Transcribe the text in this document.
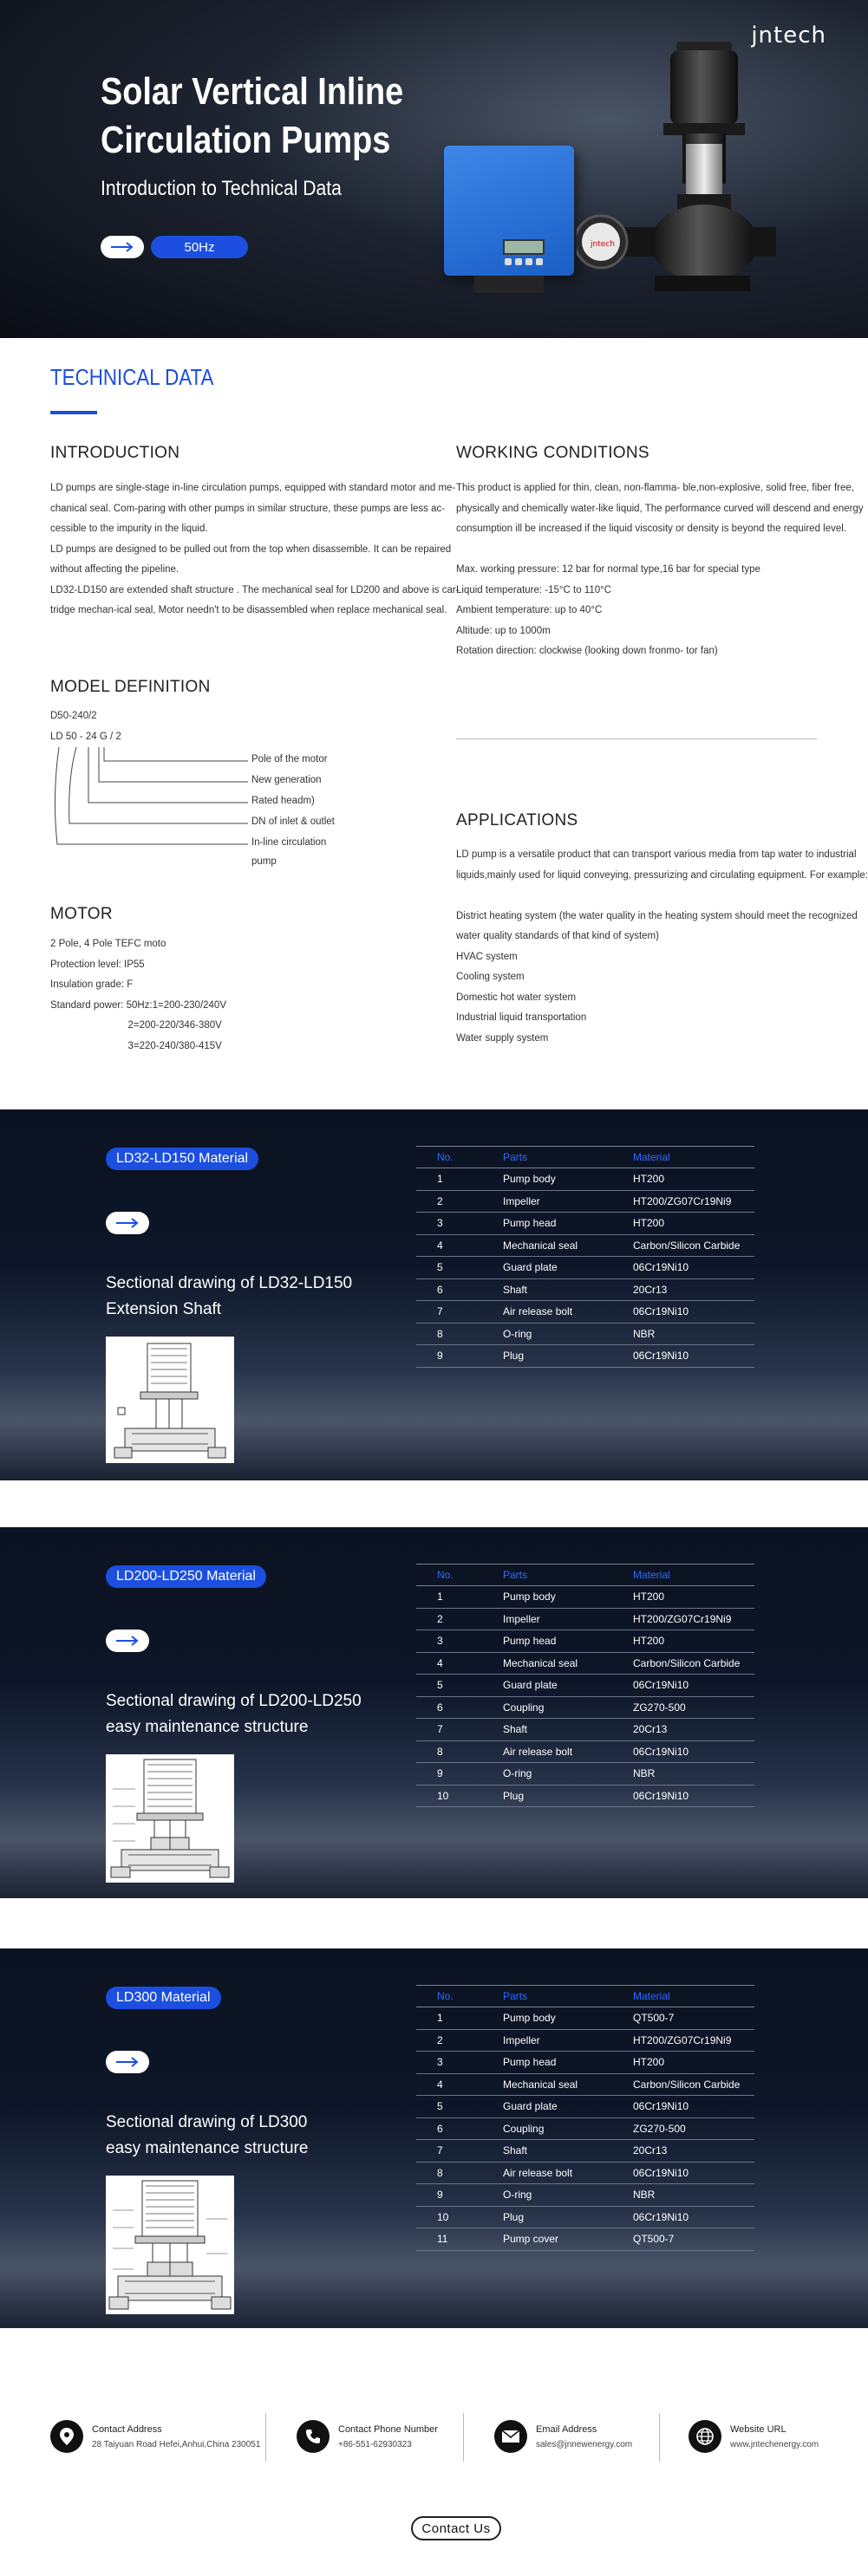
jntech
Solar Vertical Inline
Circulation Pumps
Introduction to Technical Data
50Hz	jntech
TECHNICAL DATA
INTRODUCTION
LD pumps are single-stage in-line circulation pumps, equipped with standard motor and me-
chanical seal. Com-paring with other pumps in similar structure, these pumps are less ac-
cessible to the impurity in the liquid.
LD pumps are designed to be pulled out from the top when disassemble. It can be repaired
without affecting the pipeline.
LD32-LD150 are extended shaft structure . The mechanical seal for LD200 and above is car-
tridge mechan-ical seal, Motor needn't to be disassembled when replace mechanical seal.
WORKING CONDITIONS
This product is applied for thin, clean, non-flamma- ble,non-explosive, solid free, fiber free,
physically and chemically water-like liquid, The performance curved will descend and energy
consumption ill be increased if the liquid viscosity or density is beyond the required level.
Max. working pressure: 12 bar for normal type,16 bar for special type
Liquid temperature: -15°C to 110°C
Ambient temperature: up to 40°C
Altitude: up to 1000m
Rotation direction: clockwise (looking down fronmo- tor fan)
MODEL DEFINITION
D50-240/2
LD 50 - 24 G / 2
Pole of the motor
New generation
Rated headm)
DN of inlet & outlet
In-line circulation
pump
APPLICATIONS
LD pump is a versatile product that can transport various media from tap water to industrial
liquids,mainly used for liquid conveying, pressurizing and circulating equipment. For example:
District heating system (the water quality in the heating system should meet the recognized
water quality standards of that kind of system)
HVAC system
Cooling system
Domestic hot water system
Industrial liquid transportation
Water supply system
MOTOR
2 Pole, 4 Pole TEFC moto
Protection level: IP55
Insulation grade: F
Standard power: 50Hz:1=200-230/240V
2=200-220/346-380V
3=220-240/380-415V
LD32-LD150 Material
Sectional drawing of LD32-LD150
Extension Shaft
No.	Parts	Material
1	Pump body	HT200
2	Impeller	HT200/ZG07Cr19Ni9
3	Pump head	HT200
4	Mechanical seal	Carbon/Silicon Carbide
5	Guard plate	06Cr19Ni10
6	Shaft	20Cr13
7	Air release bolt	06Cr19Ni10
8	O-ring	NBR
9	Plug	06Cr19Ni10
LD200-LD250 Material
Sectional drawing of LD200-LD250
easy maintenance structure
No.	Parts	Material
1	Pump body	HT200
2	Impeller	HT200/ZG07Cr19Ni9
3	Pump head	HT200
4	Mechanical seal	Carbon/Silicon Carbide
5	Guard plate	06Cr19Ni10
6	Coupling	ZG270-500
7	Shaft	20Cr13
8	Air release bolt	06Cr19Ni10
9	O-ring	NBR
10	Plug	06Cr19Ni10
LD300 Material
Sectional drawing of LD300
easy maintenance structure
No.	Parts	Material
1	Pump body	QT500-7
2	Impeller	HT200/ZG07Cr19Ni9
3	Pump head	HT200
4	Mechanical seal	Carbon/Silicon Carbide
5	Guard plate	06Cr19Ni10
6	Coupling	ZG270-500
7	Shaft	20Cr13
8	Air release bolt	06Cr19Ni10
9	O-ring	NBR
10	Plug	06Cr19Ni10
11	Pump cover	QT500-7
Contact Address
28 Taiyuan Road Hefei,Anhui,China 230051
Contact Phone Number
+86-551-62930323
Email Address
sales@jnnewenergy.com
Website URL
www.jntechenergy.com
Contact Us
